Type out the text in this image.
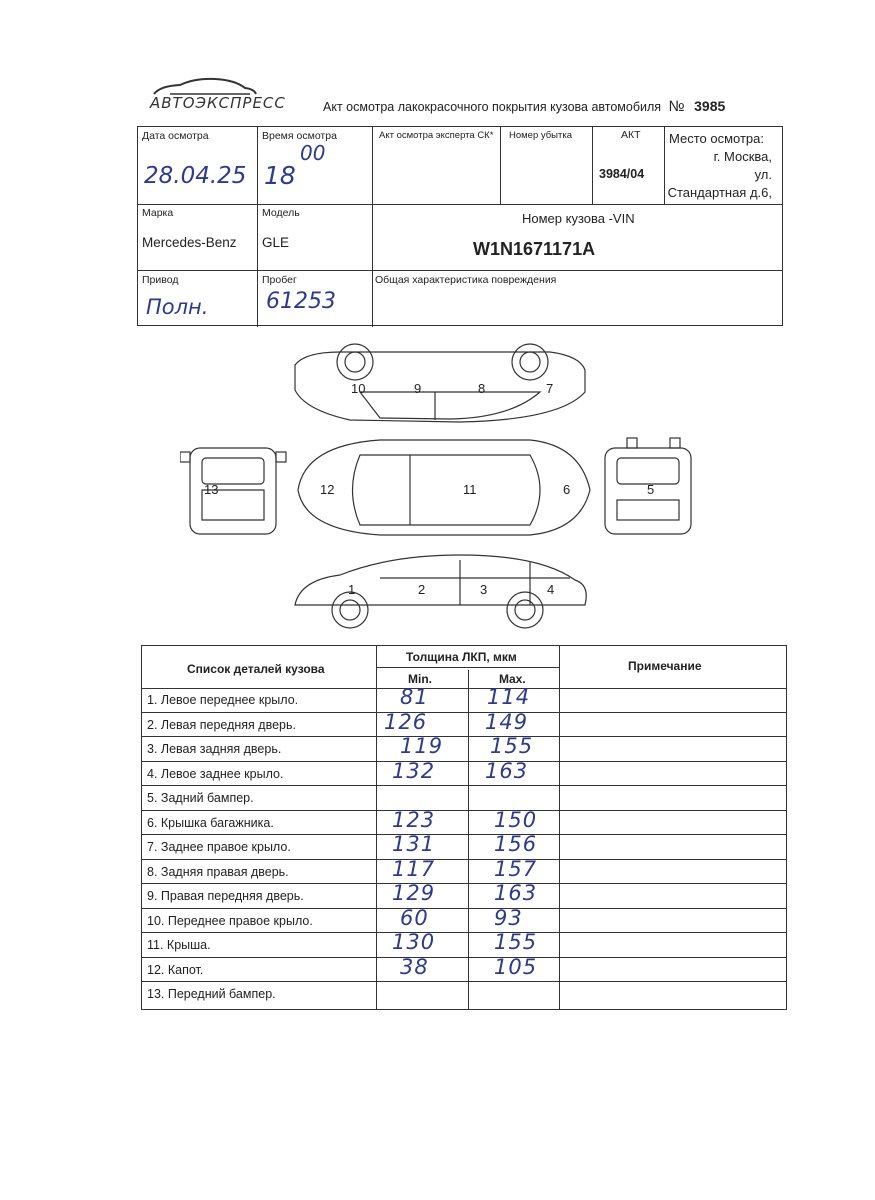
АВТОЭКСПРЕСС	Акт осмотра лакокрасочного покрытия кузова автомобиля № 3985
Дата осмотра
28.04.25
Время осмотра
18
00
Акт осмотра эксперта СК* Номер убытка	АКТ
3984/04
Место осмотра:
г. Москва,
ул.
Стандартная д.6,
Марка
Mercedes-Benz
Модель
GLE
Номер кузова -VIN
W1N1671171A
Привод
Полн.
Пробег
61253
Общая характеристика повреждения
10	9	8	7
13	12	11	6	5
1	2	3	4
Список деталей кузова
Толщина ЛКП, мкм
Min.	Max.
Примечание
1. Левое переднее крыло.	81	114
2. Левая передняя дверь.	126	149
3. Левая задняя дверь.	119 155
4. Левое заднее крыло.	132 163
5. Задний бампер.
6. Крышка багажника.	123	150
7. Заднее правое крыло.	131	156
8. Задняя правая дверь.	117	157
9. Правая передняя дверь.	129	163
10. Переднее правое крыло.	60	93
11. Крыша.	130	155
12. Капот.	38	105
13. Передний бампер.
